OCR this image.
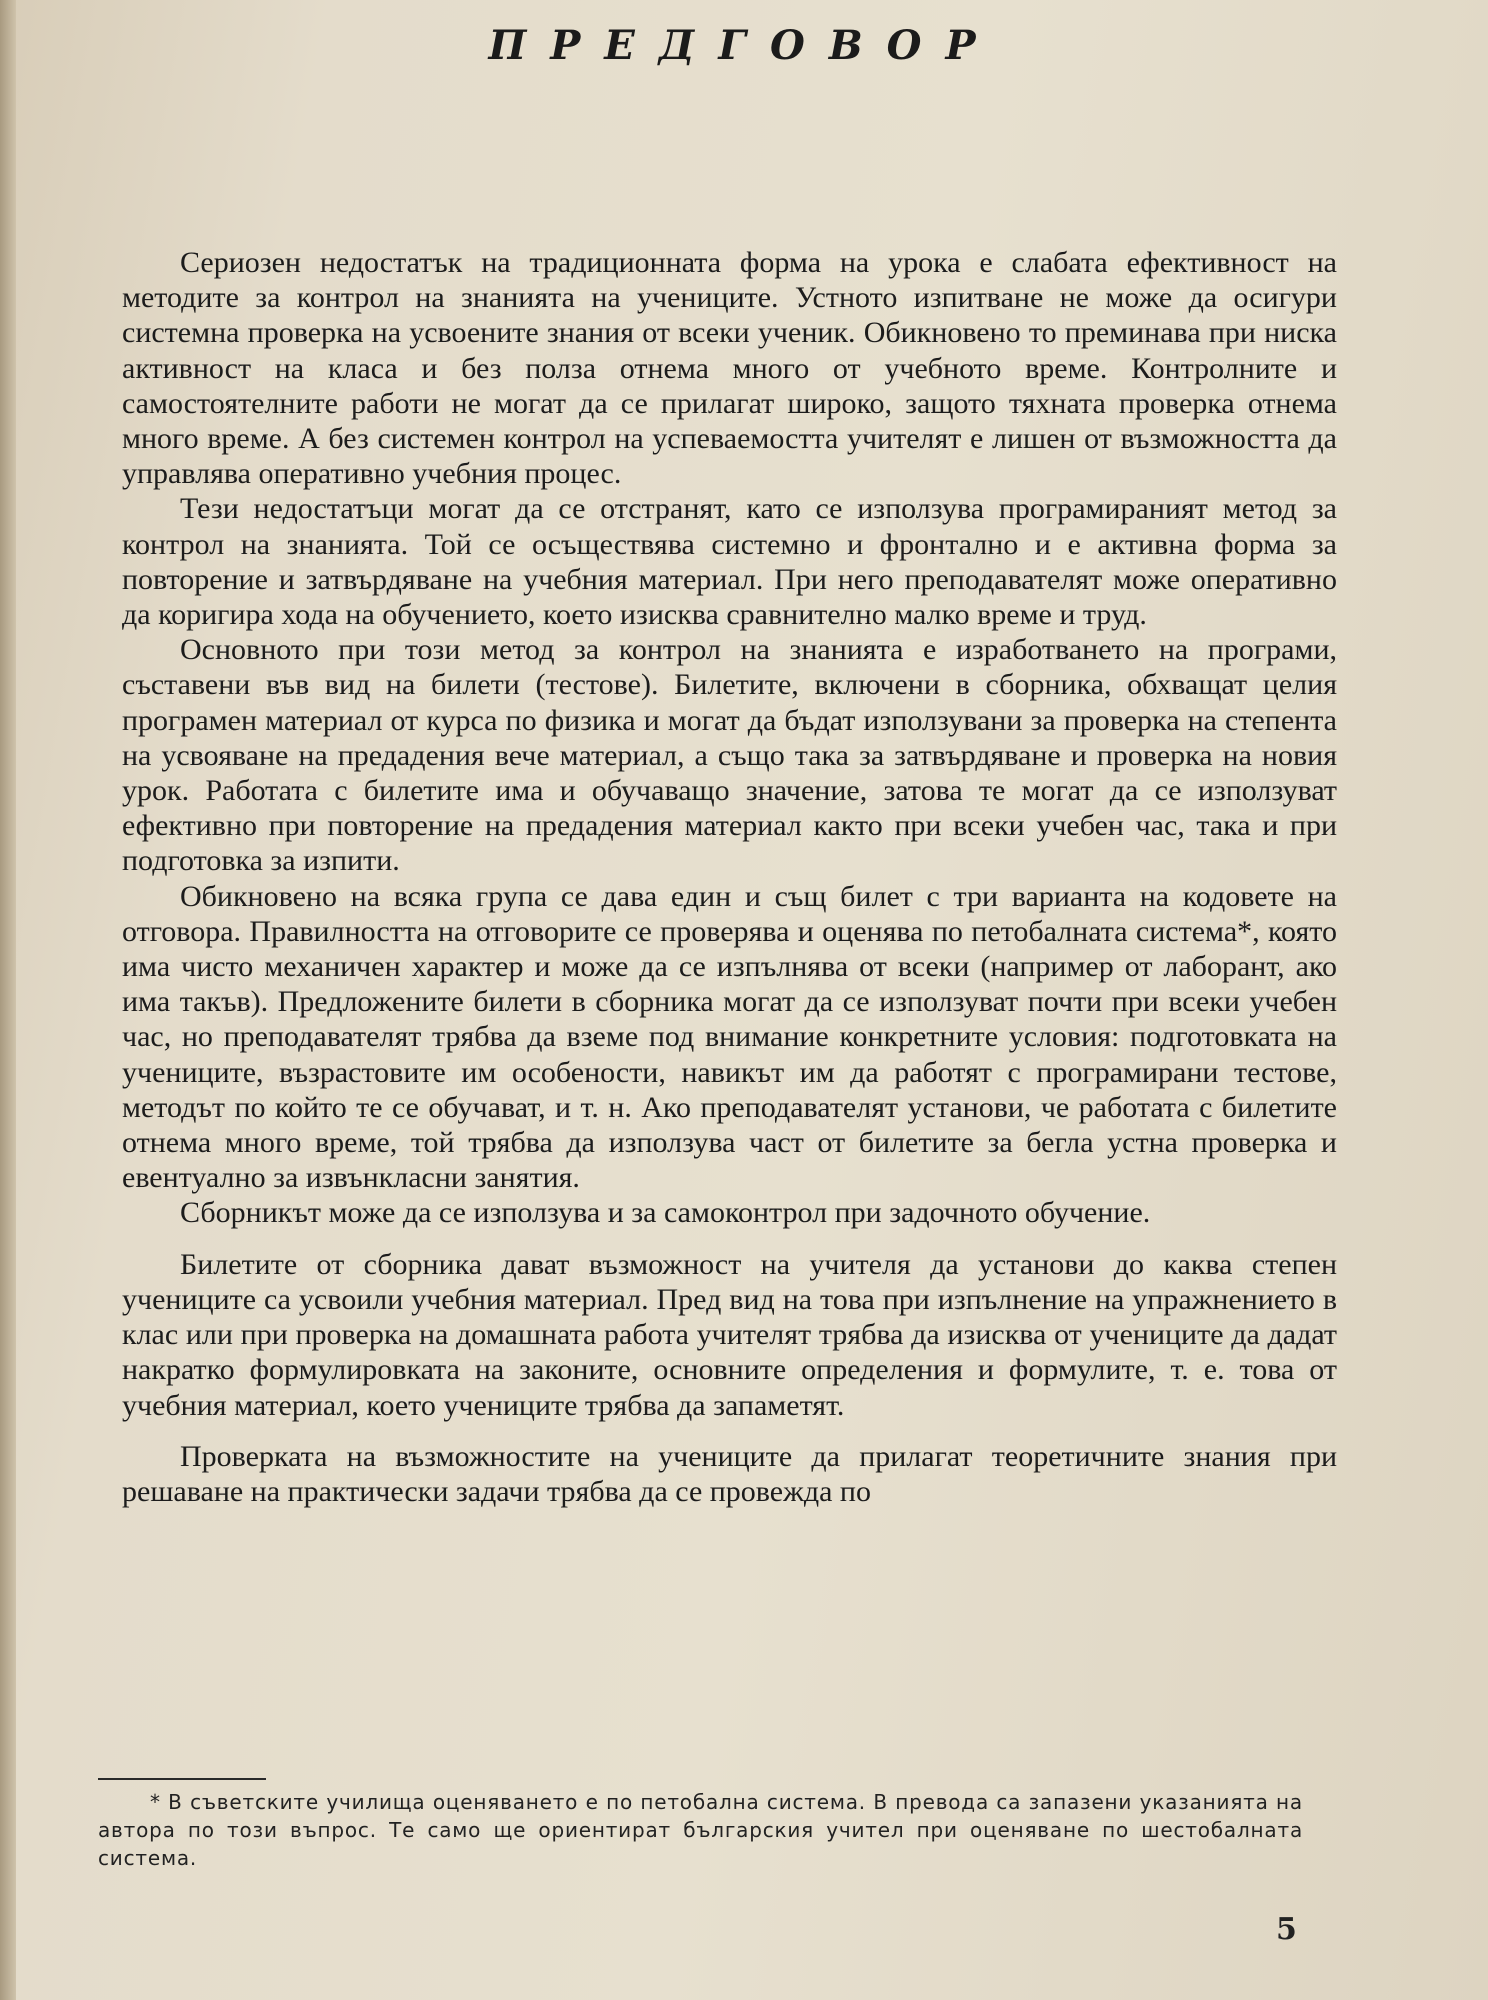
ПРЕДГОВОР

Сериозен недостатък на традиционната форма на урока е слабата ефективност на методите за контрол на знанията на учениците. Устното изпитване не може да осигури системна проверка на усвоените знания от всеки ученик. Обикновено то преминава при ниска активност на класа и без полза отнема много от учебното време. Контролните и самостоятелните работи не могат да се прилагат широко, защото тяхната проверка отнема много време. А без системен контрол на успеваемостта учителят е лишен от възможността да управлява оперативно учебния процес.

Тези недостатъци могат да се отстранят, като се използува програмираният метод за контрол на знанията. Той се осъществява системно и фронтално и е активна форма за повторение и затвърдяване на учебния материал. При него преподавателят може оперативно да коригира хода на обучението, което изисква сравнително малко време и труд.

Основното при този метод за контрол на знанията е изработването на програми, съставени във вид на билети (тестове). Билетите, включени в сборника, обхващат целия програмен материал от курса по физика и могат да бъдат използувани за проверка на степента на усвояване на предадения вече материал, а също така за затвърдяване и проверка на новия урок. Работата с билетите има и обучаващо значение, затова те могат да се използуват ефективно при повторение на предадения материал както при всеки учебен час, така и при подготовка за изпити.

Обикновено на всяка група се дава един и същ билет с три варианта на кодовете на отговора. Правилността на отговорите се проверява и оценява по петобалната система*, която има чисто механичен характер и може да се изпълнява от всеки (например от лаборант, ако има такъв). Предложените билети в сборника могат да се използуват почти при всеки учебен час, но преподавателят трябва да вземе под внимание конкретните условия: подготовката на учениците, възрастовите им особености, навикът им да работят с програмирани тестове, методът по който те се обучават, и т. н. Ако преподавателят установи, че работата с билетите отнема много време, той трябва да използува част от билетите за бегла устна проверка и евентуално за извънкласни занятия.

Сборникът може да се използува и за самоконтрол при задочното обучение.

Билетите от сборника дават възможност на учителя да установи до каква степен учениците са усвоили учебния материал. Пред вид на това при изпълнение на упражнението в клас или при проверка на домашната работа учителят трябва да изисква от учениците да дадат накратко формулировката на законите, основните определения и формулите, т. е. това от учебния материал, което учениците трябва да запаметят.

Проверката на възможностите на учениците да прилагат теоретичните знания при решаване на практически задачи трябва да се провежда по

* В съветските училища оценяването е по петобална система. В превода са запазени указанията на автора по този въпрос. Те само ще ориентират българския учител при оценяване по шестобалната система.

5
